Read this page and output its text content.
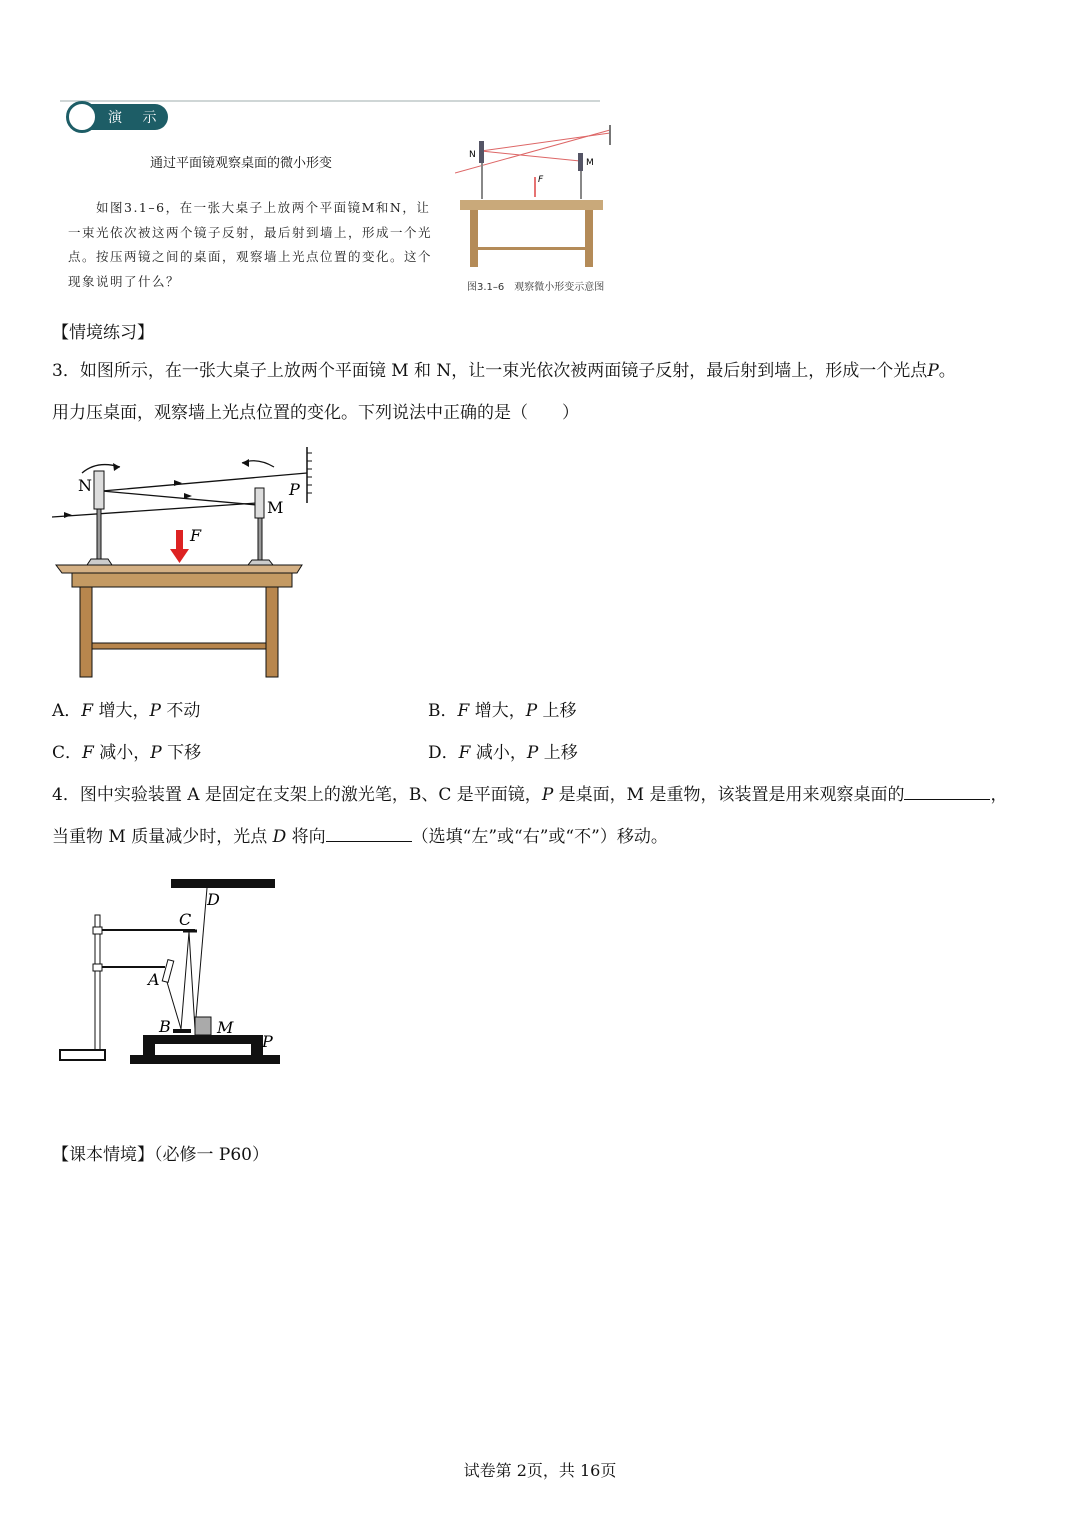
演 示
通过平面镜观察桌面的微小形变
如图3.1–6，在一张大桌子上放两个平面镜M和N，让一束光依次被这两个镜子反射，最后射到墙上，形成一个光点。按压两镜之间的桌面，观察墙上光点位置的变化。这个现象说明了什么？
N
M
F
图3.1–6　观察微小形变示意图
【情境练习】
3．如图所示，在一张大桌子上放两个平面镜 M 和 N，让一束光依次被两面镜子反射，最后射到墙上，形成一个光点P。
用力压桌面，观察墙上光点位置的变化。下列说法中正确的是（　　）
N
M
P
F
A．F 增大，P 不动	B．F 增大，P 上移
C．F 减小，P 下移	D．F 减小，P 上移
4．图中实验装置 A 是固定在支架上的激光笔，B、C 是平面镜，P 是桌面，M 是重物，该装置是用来观察桌面的	，
当重物 M 质量减少时，光点 D 将向	（选填“左”或“右”或“不”）移动。
D
C
A
B	M
P
【课本情境】（必修一 P60）
试卷第 2页，共 16页
